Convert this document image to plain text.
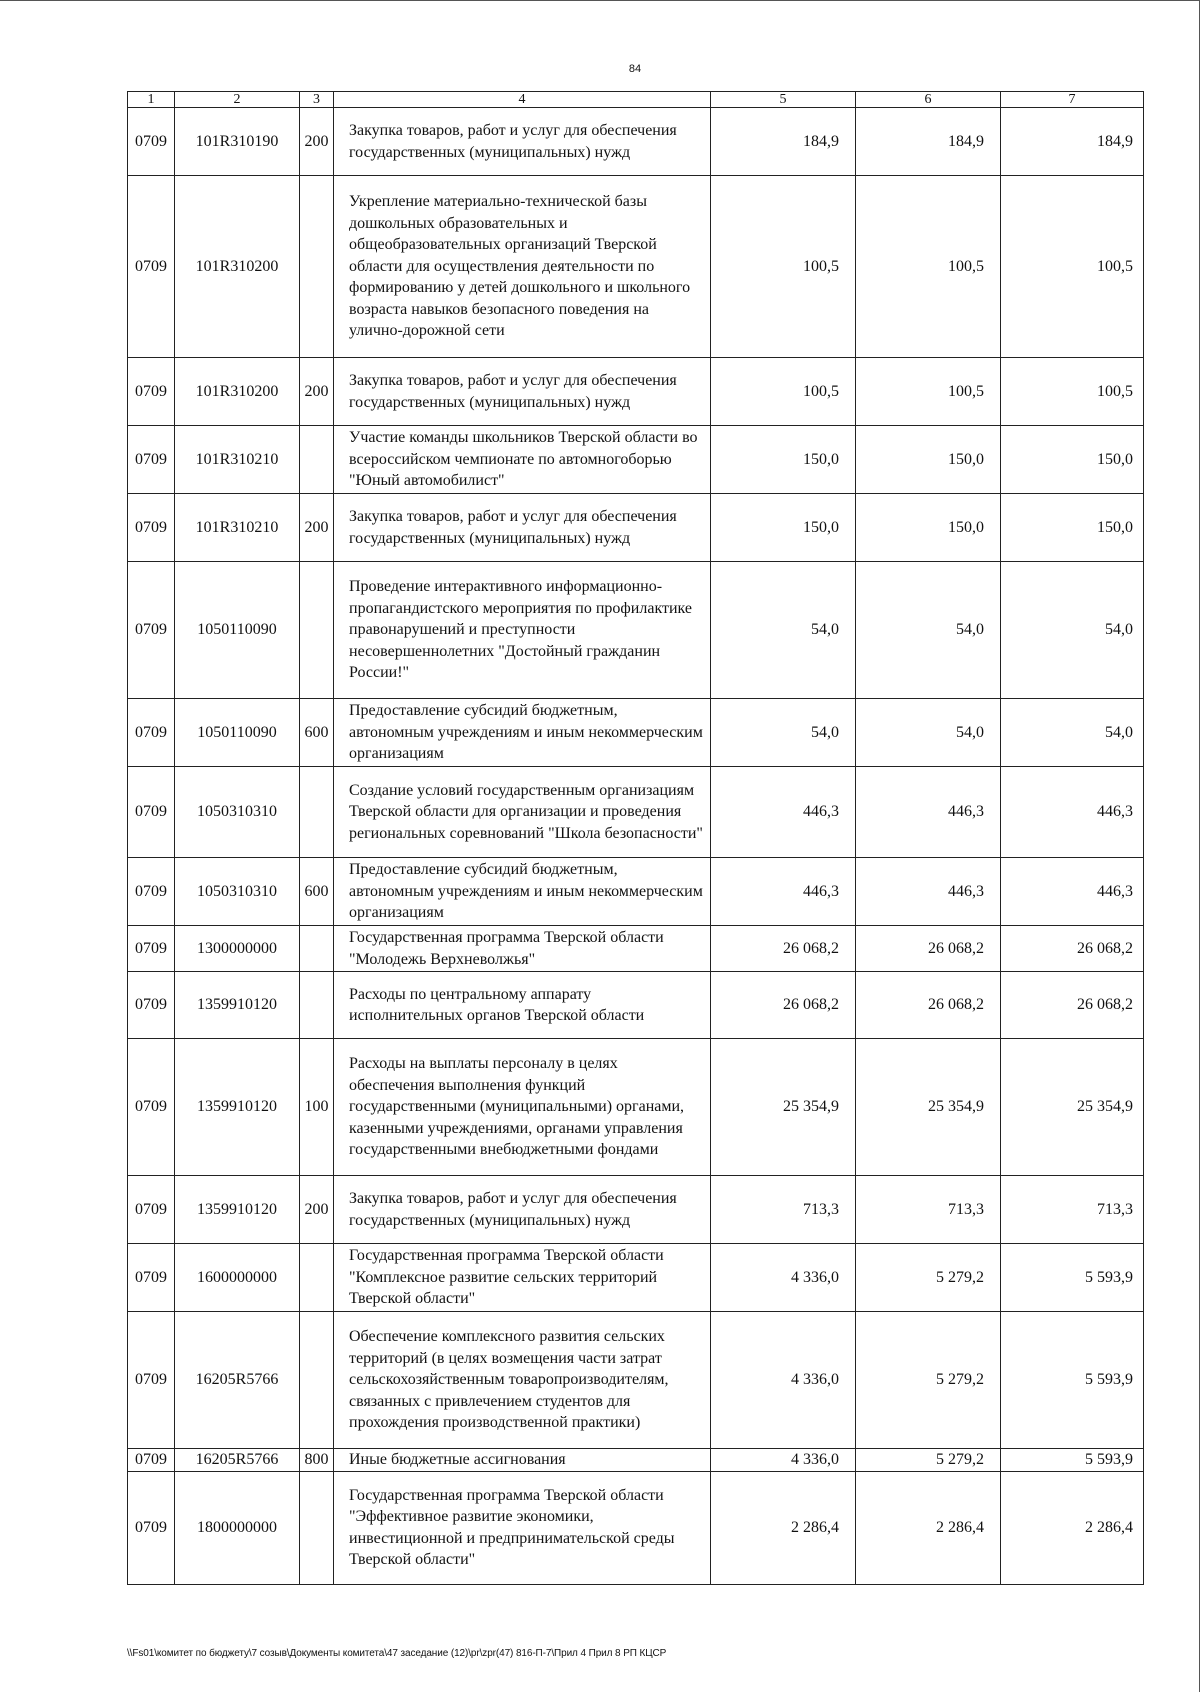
84
1	2	3	4	5	6	7
0709	101R310190	200	Закупка товаров, работ и услуг для обеспечения государственных (муниципальных) нужд	184,9	184,9	184,9
0709	101R310200		Укрепление материально-технической базы дошкольных образовательных и общеобразовательных организаций Тверской области для осуществления деятельности по формированию у детей дошкольного и школьного возраста навыков безопасного поведения на улично-дорожной сети	100,5	100,5	100,5
0709	101R310200	200	Закупка товаров, работ и услуг для обеспечения государственных (муниципальных) нужд	100,5	100,5	100,5
0709	101R310210		Участие команды школьников Тверской области во всероссийском чемпионате по автомногоборью "Юный автомобилист"	150,0	150,0	150,0
0709	101R310210	200	Закупка товаров, работ и услуг для обеспечения государственных (муниципальных) нужд	150,0	150,0	150,0
0709	1050110090		Проведение интерактивного информационно-пропагандистского мероприятия по профилактике правонарушений и преступности несовершеннолетних "Достойный гражданин России!"	54,0	54,0	54,0
0709	1050110090	600	Предоставление субсидий бюджетным, автономным учреждениям и иным некоммерческим организациям	54,0	54,0	54,0
0709	1050310310		Создание условий государственным организациям Тверской области для организации и проведения региональных соревнований "Школа безопасности"	446,3	446,3	446,3
0709	1050310310	600	Предоставление субсидий бюджетным, автономным учреждениям и иным некоммерческим организациям	446,3	446,3	446,3
0709	1300000000		Государственная программа Тверской области "Молодежь Верхневолжья"	26 068,2	26 068,2	26 068,2
0709	1359910120		Расходы по центральному аппарату исполнительных органов Тверской области	26 068,2	26 068,2	26 068,2
0709	1359910120	100	Расходы на выплаты персоналу в целях обеспечения выполнения функций государственными (муниципальными) органами, казенными учреждениями, органами управления государственными внебюджетными фондами	25 354,9	25 354,9	25 354,9
0709	1359910120	200	Закупка товаров, работ и услуг для обеспечения государственных (муниципальных) нужд	713,3	713,3	713,3
0709	1600000000		Государственная программа Тверской области "Комплексное развитие сельских территорий Тверской области"	4 336,0	5 279,2	5 593,9
0709	16205R5766		Обеспечение комплексного развития сельских территорий (в целях возмещения части затрат сельскохозяйственным товаропроизводителям, связанных с привлечением студентов для прохождения производственной практики)	4 336,0	5 279,2	5 593,9
0709	16205R5766	800	Иные бюджетные ассигнования	4 336,0	5 279,2	5 593,9
0709	1800000000		Государственная программа Тверской области "Эффективное развитие экономики, инвестиционной и предпринимательской среды Тверской области"	2 286,4	2 286,4	2 286,4
\\Fs01\комитет по бюджету\7 созыв\Документы комитета\47 заседание (12)\pr\zpr(47) 816-П-7\Прил 4 Прил 8 РП КЦСР
